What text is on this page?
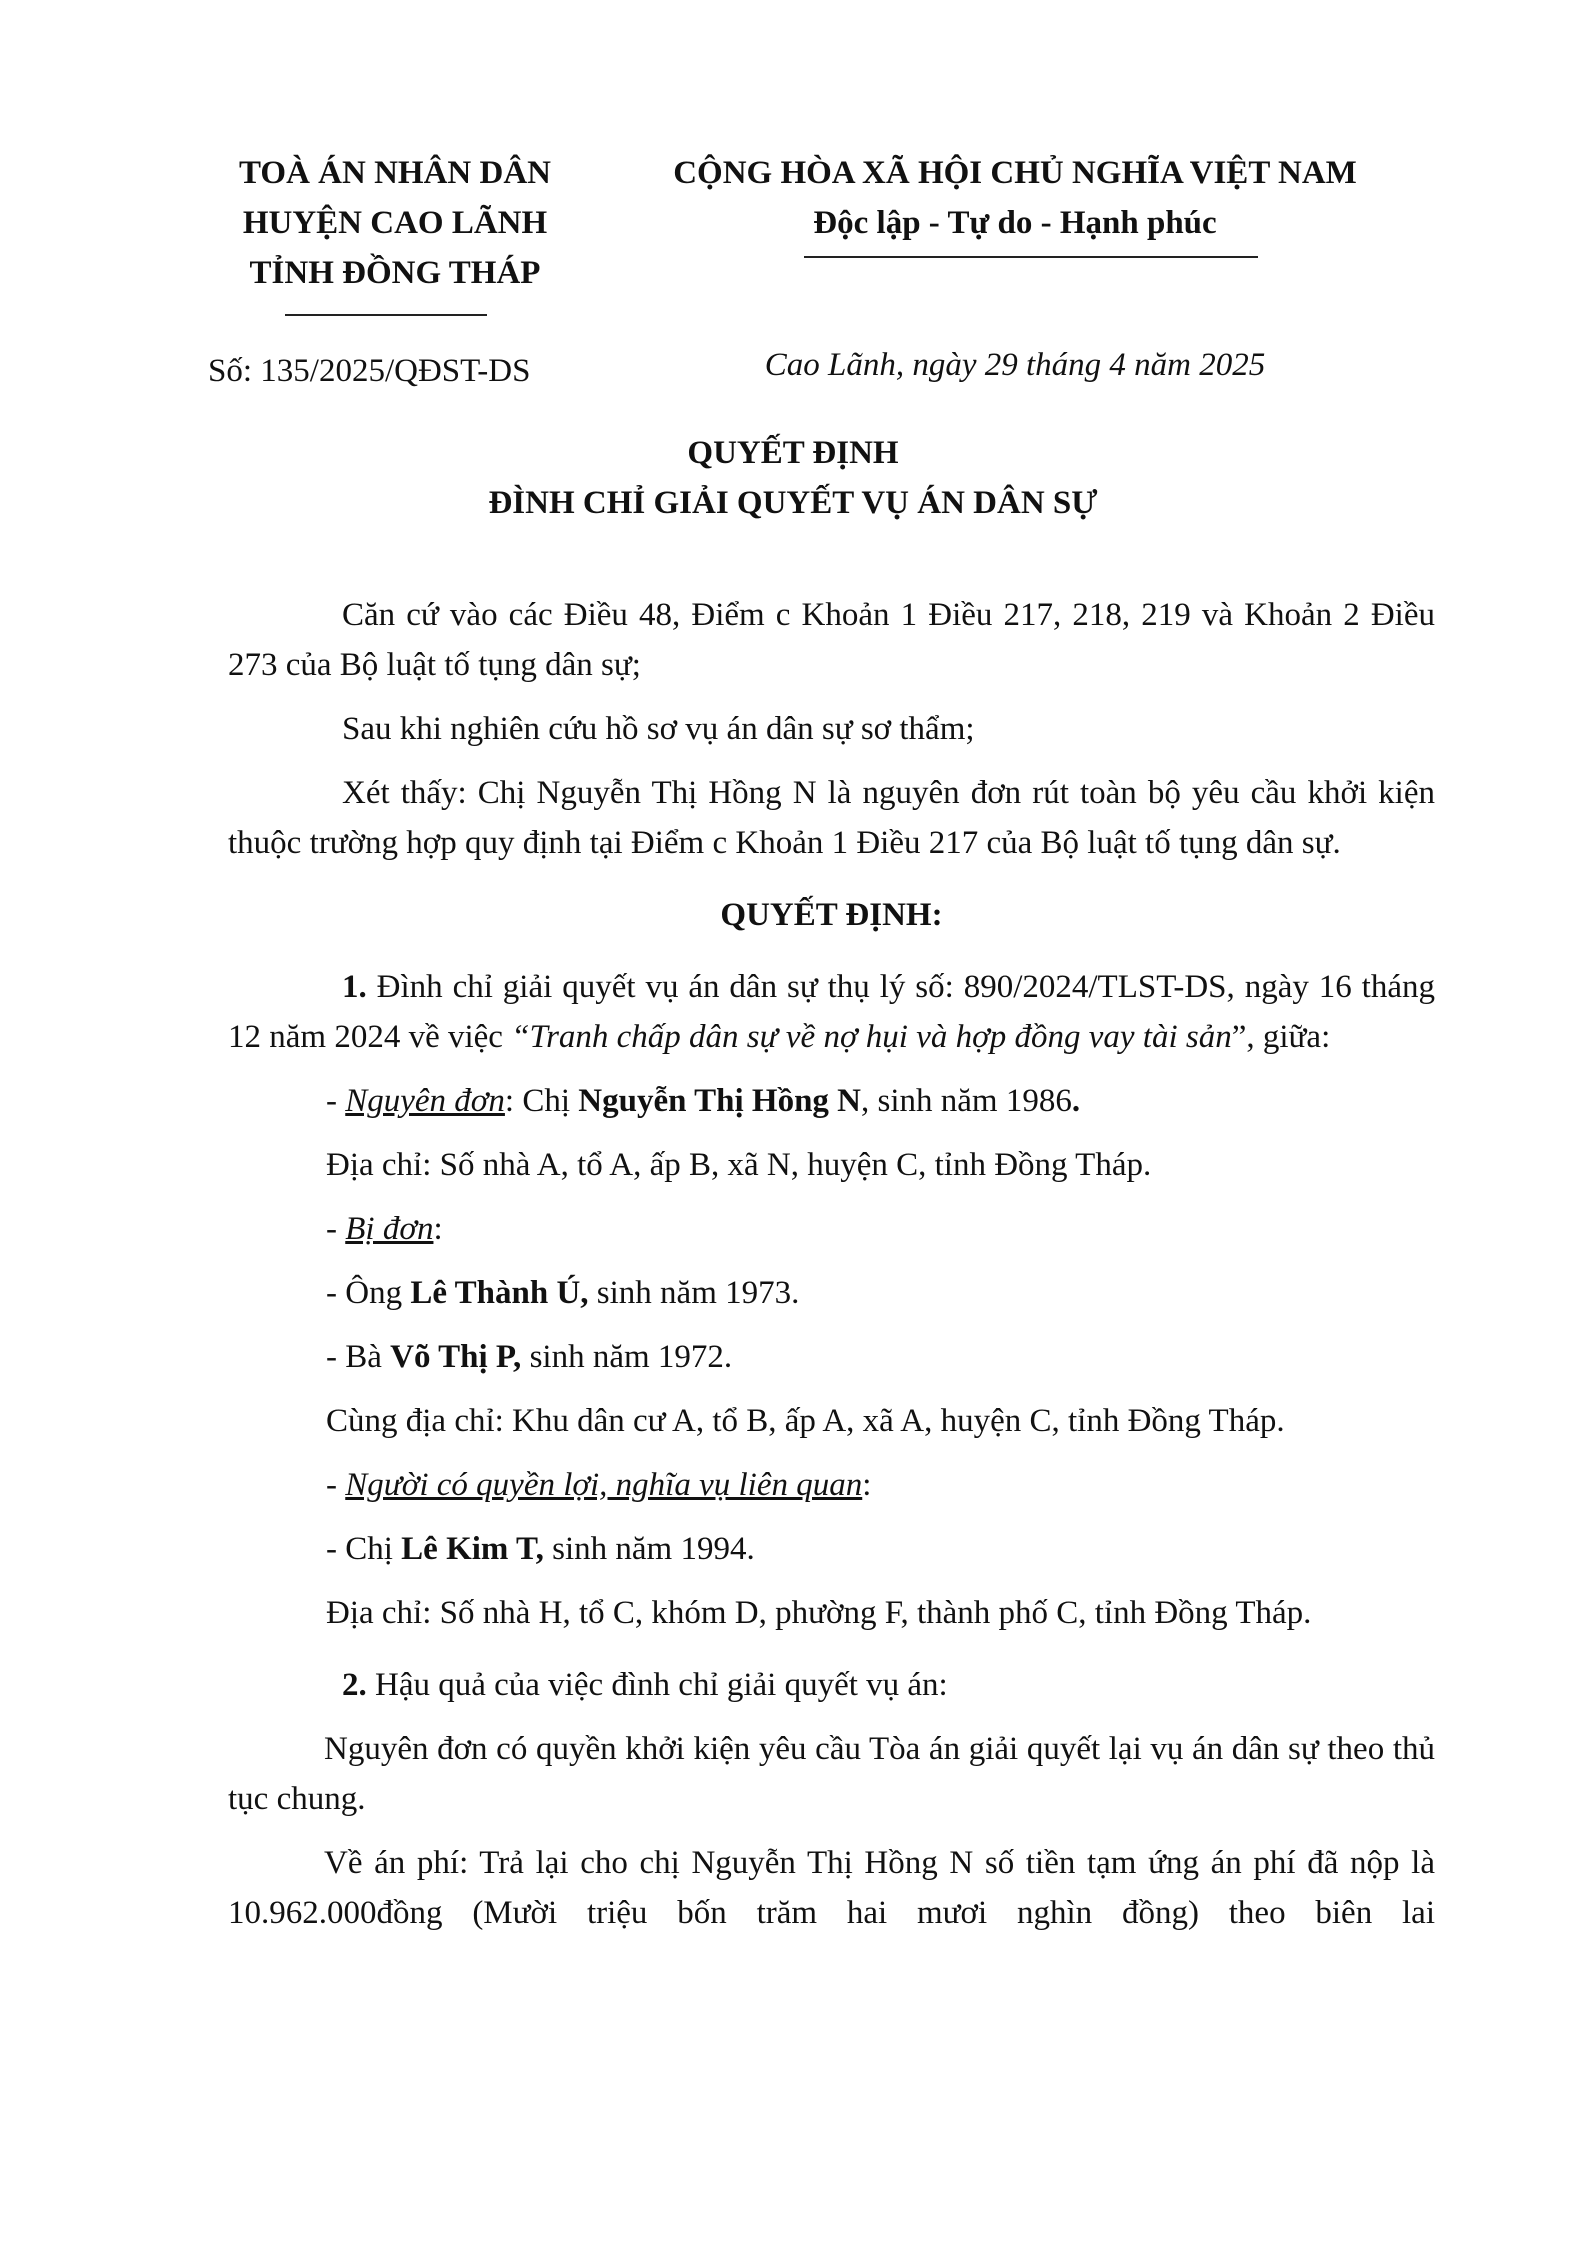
TOÀ ÁN NHÂN DÂN
HUYỆN CAO LÃNH
TỈNH ĐỒNG THÁP
CỘNG HÒA XÃ HỘI CHỦ NGHĨA VIỆT NAM
Độc lập - Tự do - Hạnh phúc
Số: 135/2025/QĐST-DS	Cao Lãnh, ngày 29 tháng 4 năm 2025
QUYẾT ĐỊNH
ĐÌNH CHỈ GIẢI QUYẾT VỤ ÁN DÂN SỰ

Căn cứ vào các Điều 48, Điểm c Khoản 1 Điều 217, 218, 219 và Khoản 2 Điều 273 của Bộ luật tố tụng dân sự;

Sau khi nghiên cứu hồ sơ vụ án dân sự sơ thẩm;

Xét thấy: Chị Nguyễn Thị Hồng N là nguyên đơn rút toàn bộ yêu cầu khởi kiện thuộc trường hợp quy định tại Điểm c Khoản 1 Điều 217 của Bộ luật tố tụng dân sự.

QUYẾT ĐỊNH:

1. Đình chỉ giải quyết vụ án dân sự thụ lý số: 890/2024/TLST-DS, ngày 16 tháng 12 năm 2024 về việc “Tranh chấp dân sự về nợ hụi và hợp đồng vay tài sản”, giữa:

- Nguyên đơn: Chị Nguyễn Thị Hồng N, sinh năm 1986.

Địa chỉ: Số nhà A, tổ A, ấp B, xã N, huyện C, tỉnh Đồng Tháp.

- Bị đơn:

- Ông Lê Thành Ú, sinh năm 1973.

- Bà Võ Thị P, sinh năm 1972.

Cùng địa chỉ: Khu dân cư A, tổ B, ấp A, xã A, huyện C, tỉnh Đồng Tháp.

- Người có quyền lợi, nghĩa vụ liên quan:

- Chị Lê Kim T, sinh năm 1994.

Địa chỉ: Số nhà H, tổ C, khóm D, phường F, thành phố C, tỉnh Đồng Tháp.

2. Hậu quả của việc đình chỉ giải quyết vụ án:

Nguyên đơn có quyền khởi kiện yêu cầu Tòa án giải quyết lại vụ án dân sự theo thủ tục chung.

Về án phí: Trả lại cho chị Nguyễn Thị Hồng N số tiền tạm ứng án phí đã nộp là 10.962.000đồng (Mười triệu bốn trăm hai mươi nghìn đồng) theo biên lai
